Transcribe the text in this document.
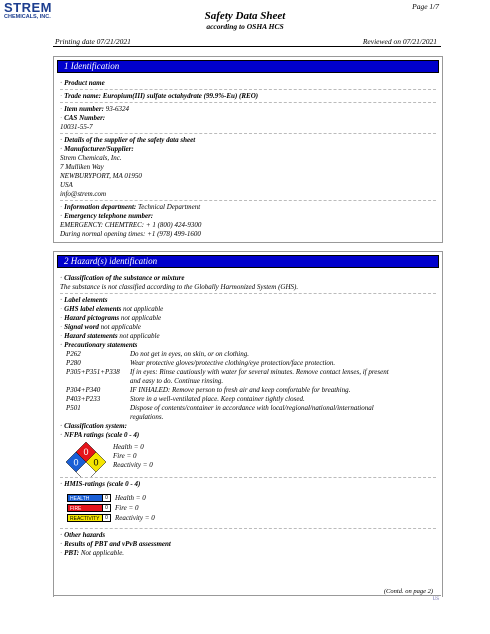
STREM
CHEMICALS, INC.	Safety Data Sheet
according to OSHA HCS
Page 1/7
Printing date 07/21/2021	Reviewed on 07/21/2021
1 Identification
· Product name
· Trade name: Europium(III) sulfate octahydrate (99.9%-Eu) (REO)
· Item number: 93-6324
· CAS Number:
10031-55-7
· Details of the supplier of the safety data sheet
· Manufacturer/Supplier:
Strem Chemicals, Inc.
7 Mulliken Way
NEWBURYPORT, MA 01950
USA
info@strem.com
· Information department: Technical Department
· Emergency telephone number:
EMERGENCY: CHEMTREC: + 1 (800) 424-9300
During normal opening times: +1 (978) 499-1600
2 Hazard(s) identification
· Classification of the substance or mixture
The substance is not classified according to the Globally Harmonized System (GHS).
· Label elements
· GHS label elements not applicable
· Hazard pictograms not applicable
· Signal word not applicable
· Hazard statements not applicable
· Precautionary statements
P262	Do not get in eyes, on skin, or on clothing.
P280	Wear protective gloves/protective clothing/eye protection/face protection.
P305+P351+P338 If in eyes: Rinse cautiously with water for several minutes. Remove contact lenses, if present
and easy to do. Continue rinsing.
P304+P340	IF INHALED: Remove person to fresh air and keep comfortable for breathing.
P403+P233	Store in a well-ventilated place. Keep container tightly closed.
P501	Dispose of contents/container in accordance with local/regional/national/international
regulations.
· Classification system:
· NFPA ratings (scale 0 - 4)
0
0 0
Health = 0
Fire = 0
Reactivity = 0
· HMIS-ratings (scale 0 - 4)
HEALTH	0
FIRE	0
REACTIVITY	0
Health = 0
Fire = 0
Reactivity = 0
· Other hazards
· Results of PBT and vPvB assessment
· PBT: Not applicable.
(Contd. on page 2)
US
